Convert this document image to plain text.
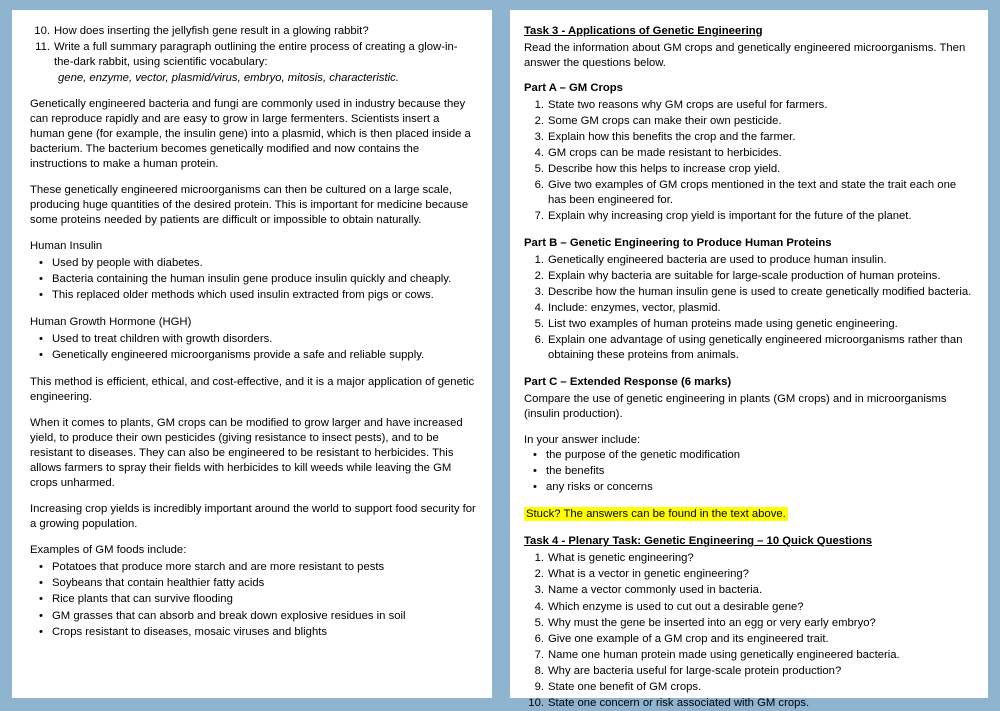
10. How does inserting the jellyfish gene result in a glowing rabbit?
11. Write a full summary paragraph outlining the entire process of creating a glow-in-the-dark rabbit, using scientific vocabulary:
gene, enzyme, vector, plasmid/virus, embryo, mitosis, characteristic.

Genetically engineered bacteria and fungi are commonly used in industry because they can reproduce rapidly and are easy to grow in large fermenters. Scientists insert a human gene (for example, the insulin gene) into a plasmid, which is then placed inside a bacterium. The bacterium becomes genetically modified and now contains the instructions to make a human protein.

These genetically engineered microorganisms can then be cultured on a large scale, producing huge quantities of the desired protein. This is important for medicine because some proteins needed by patients are difficult or impossible to obtain naturally.

Human Insulin

• Used by people with diabetes.
• Bacteria containing the human insulin gene produce insulin quickly and cheaply.
• This replaced older methods which used insulin extracted from pigs or cows.

Human Growth Hormone (HGH)

• Used to treat children with growth disorders.
• Genetically engineered microorganisms provide a safe and reliable supply.

This method is efficient, ethical, and cost-effective, and it is a major application of genetic engineering.

When it comes to plants, GM crops can be modified to grow larger and have increased yield, to produce their own pesticides (giving resistance to insect pests), and to be resistant to diseases. They can also be engineered to be resistant to herbicides. This allows farmers to spray their fields with herbicides to kill weeds while leaving the GM crops unharmed.

Increasing crop yields is incredibly important around the world to support food security for a growing population.

Examples of GM foods include:

• Potatoes that produce more starch and are more resistant to pests
• Soybeans that contain healthier fatty acids
• Rice plants that can survive flooding
• GM grasses that can absorb and break down explosive residues in soil
• Crops resistant to diseases, mosaic viruses and blights

Task 3 - Applications of Genetic Engineering

Read the information about GM crops and genetically engineered microorganisms. Then answer the questions below.

Part A – GM Crops

1. State two reasons why GM crops are useful for farmers.
2. Some GM crops can make their own pesticide.
3. Explain how this benefits the crop and the farmer.
4. GM crops can be made resistant to herbicides.
5. Describe how this helps to increase crop yield.
6. Give two examples of GM crops mentioned in the text and state the trait each one has been engineered for.
7. Explain why increasing crop yield is important for the future of the planet.

Part B – Genetic Engineering to Produce Human Proteins

1. Genetically engineered bacteria are used to produce human insulin.
2. Explain why bacteria are suitable for large-scale production of human proteins.
3. Describe how the human insulin gene is used to create genetically modified bacteria.
4. Include: enzymes, vector, plasmid.
5. List two examples of human proteins made using genetic engineering.
6. Explain one advantage of using genetically engineered microorganisms rather than obtaining these proteins from animals.

Part C – Extended Response (6 marks)

Compare the use of genetic engineering in plants (GM crops) and in microorganisms (insulin production).

In your answer include:

• the purpose of the genetic modification
• the benefits
• any risks or concerns

Stuck? The answers can be found in the text above.

Task 4 - Plenary Task: Genetic Engineering – 10 Quick Questions

1. What is genetic engineering?
2. What is a vector in genetic engineering?
3. Name a vector commonly used in bacteria.
4. Which enzyme is used to cut out a desirable gene?
5. Why must the gene be inserted into an egg or very early embryo?
6. Give one example of a GM crop and its engineered trait.
7. Name one human protein made using genetically engineered bacteria.
8. Why are bacteria useful for large-scale protein production?
9. State one benefit of GM crops.
10. State one concern or risk associated with GM crops.
